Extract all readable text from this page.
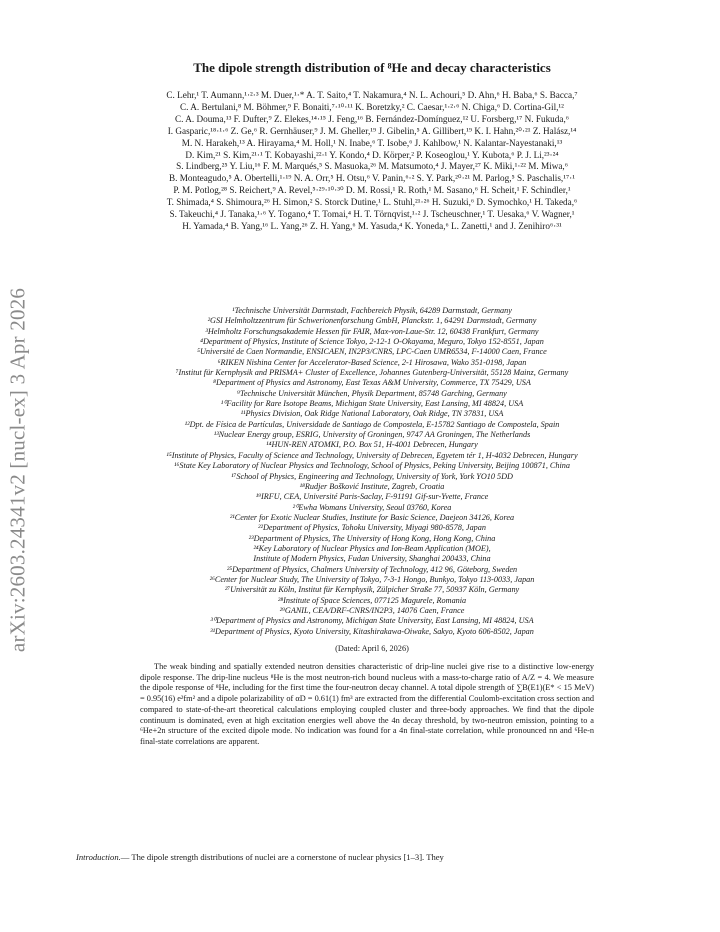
arXiv:2603.24341v2 [nucl-ex] 3 Apr 2026
The dipole strength distribution of ⁸He and decay characteristics
C. Lehr,¹ T. Aumann,¹·²·³ M. Duer,¹·* A. T. Saito,⁴ T. Nakamura,⁴ N. L. Achouri,⁵ D. Ahn,⁶ H. Baba,⁶ S. Bacca,⁷
C. A. Bertulani,⁸ M. Böhmer,⁹ F. Bonaiti,⁷·¹⁰·¹¹ K. Boretzky,² C. Caesar,¹·²·⁶ N. Chiga,⁶ D. Cortina-Gil,¹²
C. A. Douma,¹³ F. Dufter,⁹ Z. Elekes,¹⁴·¹⁵ J. Feng,¹⁶ B. Fernández-Domínguez,¹² U. Forsberg,¹⁷ N. Fukuda,⁶
I. Gasparic,¹⁸·¹·⁶ Z. Ge,⁶ R. Gernhäuser,⁹ J. M. Gheller,¹⁹ J. Gibelin,⁵ A. Gillibert,¹⁹ K. I. Hahn,²⁰·²¹ Z. Halász,¹⁴
M. N. Harakeh,¹³ A. Hirayama,⁴ M. Holl,¹ N. Inabe,⁶ T. Isobe,⁶ J. Kahlbow,¹ N. Kalantar-Nayestanaki,¹³
D. Kim,²¹ S. Kim,²¹·¹ T. Kobayashi,²²·¹ Y. Kondo,⁴ D. Körper,² P. Koseoglou,¹ Y. Kubota,⁶ P. J. Li,²³·²⁴
S. Lindberg,²⁵ Y. Liu,¹⁶ F. M. Marqués,⁵ S. Masuoka,²⁶ M. Matsumoto,⁴ J. Mayer,²⁷ K. Miki,¹·²² M. Miwa,⁶
B. Monteagudo,⁵ A. Obertelli,¹·¹⁹ N. A. Orr,⁵ H. Otsu,⁶ V. Panin,⁶·² S. Y. Park,²⁰·²¹ M. Parlog,⁵ S. Paschalis,¹⁷·¹
P. M. Potlog,²⁸ S. Reichert,⁹ A. Revel,⁵·²⁹·¹⁰·³⁰ D. M. Rossi,¹ R. Roth,¹ M. Sasano,⁶ H. Scheit,¹ F. Schindler,¹
T. Shimada,⁴ S. Shimoura,²⁶ H. Simon,² S. Storck Dutine,¹ L. Stuhl,²¹·²⁶ H. Suzuki,⁶ D. Symochko,¹ H. Takeda,⁶
S. Takeuchi,⁴ J. Tanaka,¹·⁶ Y. Togano,⁴ T. Tomai,⁴ H. T. Törnqvist,¹·² J. Tscheuschner,¹ T. Uesaka,⁶ V. Wagner,¹
H. Yamada,⁴ B. Yang,¹⁶ L. Yang,²⁶ Z. H. Yang,⁶ M. Yasuda,⁴ K. Yoneda,⁶ L. Zanetti,¹ and J. Zenihiro⁶·³¹
¹Technische Universität Darmstadt, Fachbereich Physik, 64289 Darmstadt, Germany
²GSI Helmholtzzentrum für Schwerionenforschung GmbH, Planckstr. 1, 64291 Darmstadt, Germany
³Helmholtz Forschungsakademie Hessen für FAIR, Max-von-Laue-Str. 12, 60438 Frankfurt, Germany
⁴Department of Physics, Institute of Science Tokyo, 2-12-1 O-Okayama, Meguro, Tokyo 152-8551, Japan
⁵Université de Caen Normandie, ENSICAEN, IN2P3/CNRS, LPC-Caen UMR6534, F-14000 Caen, France
⁶RIKEN Nishina Center for Accelerator-Based Science, 2-1 Hirosawa, Wako 351-0198, Japan
⁷Institut für Kernphysik and PRISMA+ Cluster of Excellence, Johannes Gutenberg-Universität, 55128 Mainz, Germany
⁸Department of Physics and Astronomy, East Texas A&M University, Commerce, TX 75429, USA
⁹Technische Universität München, Physik Department, 85748 Garching, Germany
¹⁰Facility for Rare Isotope Beams, Michigan State University, East Lansing, MI 48824, USA
¹¹Physics Division, Oak Ridge National Laboratory, Oak Ridge, TN 37831, USA
¹²Dpt. de Física de Partículas, Universidade de Santiago de Compostela, E-15782 Santiago de Compostela, Spain
¹³Nuclear Energy group, ESRIG, University of Groningen, 9747 AA Groningen, The Netherlands
¹⁴HUN-REN ATOMKI, P.O. Box 51, H-4001 Debrecen, Hungary
¹⁵Institute of Physics, Faculty of Science and Technology, University of Debrecen, Egyetem tér 1, H-4032 Debrecen, Hungary
¹⁶State Key Laboratory of Nuclear Physics and Technology, School of Physics, Peking University, Beijing 100871, China
¹⁷School of Physics, Engineering and Technology, University of York, York YO10 5DD
¹⁸Rudjer Bošković Institute, Zagreb, Croatia
¹⁹IRFU, CEA, Université Paris-Saclay, F-91191 Gif-sur-Yvette, France
²⁰Ewha Womans University, Seoul 03760, Korea
²¹Center for Exotic Nuclear Studies, Institute for Basic Science, Daejeon 34126, Korea
²²Department of Physics, Tohoku University, Miyagi 980-8578, Japan
²³Department of Physics, The University of Hong Kong, Hong Kong, China
²⁴Key Laboratory of Nuclear Physics and Ion-Beam Application (MOE),
Institute of Modern Physics, Fudan University, Shanghai 200433, China
²⁵Department of Physics, Chalmers University of Technology, 412 96, Göteborg, Sweden
²⁶Center for Nuclear Study, The University of Tokyo, 7-3-1 Hongo, Bunkyo, Tokyo 113-0033, Japan
²⁷Universität zu Köln, Institut für Kernphysik, Zülpicher Straße 77, 50937 Köln, Germany
²⁸Institute of Space Sciences, 077125 Magurele, Romania
²⁹GANIL, CEA/DRF-CNRS/IN2P3, 14076 Caen, France
³⁰Department of Physics and Astronomy, Michigan State University, East Lansing, MI 48824, USA
³¹Department of Physics, Kyoto University, Kitashirakawa-Oiwake, Sakyo, Kyoto 606-8502, Japan
(Dated: April 6, 2026)
The weak binding and spatially extended neutron densities characteristic of drip-line nuclei give rise to a distinctive low-energy dipole response. The drip-line nucleus ⁸He is the most neutron-rich bound nucleus with a mass-to-charge ratio of A/Z = 4. We measure the dipole response of ⁸He, including for the first time the four-neutron decay channel. A total dipole strength of ∑B(E1)(E* < 15 MeV) = 0.95(16) e²fm² and a dipole polarizability of αD = 0.61(1) fm³ are extracted from the differential Coulomb-excitation cross section and compared to state-of-the-art theoretical calculations employing coupled cluster and three-body approaches. We find that the dipole continuum is dominated, even at high excitation energies well above the 4n decay threshold, by two-neutron emission, pointing to a ⁶He+2n structure of the excited dipole mode. No indication was found for a 4n final-state correlation, while pronounced nn and ⁶He-n final-state correlations are apparent.
Introduction.— The dipole strength distributions of nuclei are a cornerstone of nuclear physics [1–3]. They
